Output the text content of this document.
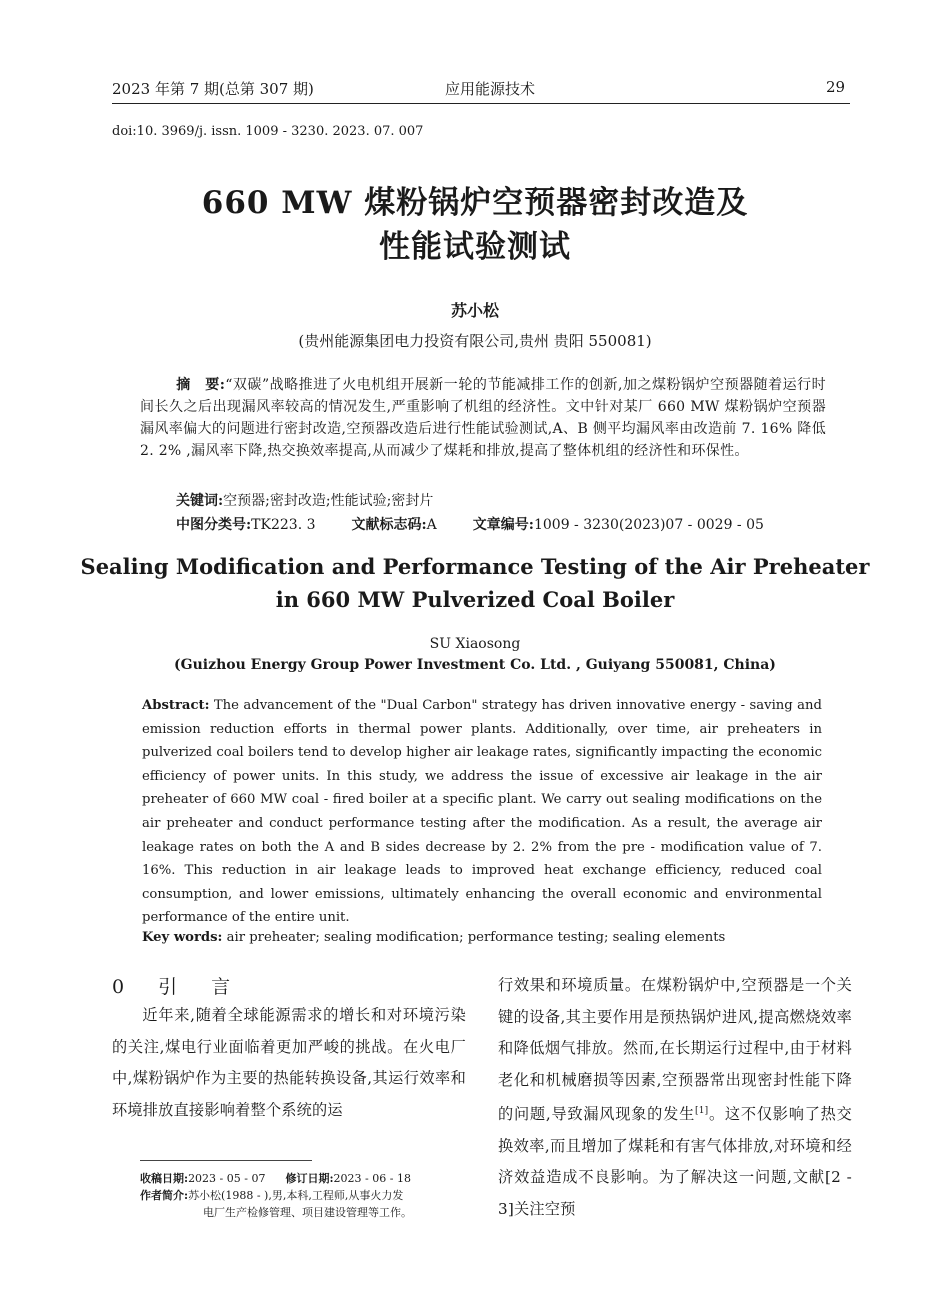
2023 年第 7 期(总第 307 期)	应用能源技术	29
doi:10. 3969/j. issn. 1009 - 3230. 2023. 07. 007
660 MW 煤粉锅炉空预器密封改造及
性能试验测试
苏小松
(贵州能源集团电力投资有限公司,贵州 贵阳 550081)
摘　要:“双碳”战略推进了火电机组开展新一轮的节能减排工作的创新,加之煤粉锅炉空预器随着运行时间长久之后出现漏风率较高的情况发生,严重影响了机组的经济性。文中针对某厂 660 MW 煤粉锅炉空预器漏风率偏大的问题进行密封改造,空预器改造后进行性能试验测试,A、B 侧平均漏风率由改造前 7. 16% 降低 2. 2% ,漏风率下降,热交换效率提高,从而减少了煤耗和排放,提高了整体机组的经济性和环保性。
关键词:空预器;密封改造;性能试验;密封片
中图分类号:TK223. 3	文献标志码:A	文章编号:1009 - 3230(2023)07 - 0029 - 05
Sealing Modification and Performance Testing of the Air Preheater
in 660 MW Pulverized Coal Boiler
SU Xiaosong
(Guizhou Energy Group Power Investment Co. Ltd. , Guiyang 550081, China)
Abstract: The advancement of the "Dual Carbon" strategy has driven innovative energy - saving and emission reduction efforts in thermal power plants. Additionally, over time, air preheaters in pulverized coal boilers tend to develop higher air leakage rates, significantly impacting the economic efficiency of power units. In this study, we address the issue of excessive air leakage in the air preheater of 660 MW coal - fired boiler at a specific plant. We carry out sealing modifications on the air preheater and conduct performance testing after the modification. As a result, the average air leakage rates on both the A and B sides decrease by 2. 2% from the pre - modification value of 7. 16%. This reduction in air leakage leads to improved heat exchange efficiency, reduced coal consumption, and lower emissions, ultimately enhancing the overall economic and environmental performance of the entire unit.
Key words: air preheater; sealing modification; performance testing; sealing elements
0 引 言
近年来,随着全球能源需求的增长和对环境污染的关注,煤电行业面临着更加严峻的挑战。在火电厂中,煤粉锅炉作为主要的热能转换设备,其运行效率和环境排放直接影响着整个系统的运
行效果和环境质量。在煤粉锅炉中,空预器是一个关键的设备,其主要作用是预热锅炉进风,提高燃烧效率和降低烟气排放。然而,在长期运行过程中,由于材料老化和机械磨损等因素,空预器常出现密封性能下降的问题,导致漏风现象的发生[1]。这不仅影响了热交换效率,而且增加了煤耗和有害气体排放,对环境和经济效益造成不良影响。为了解决这一问题,文献[2 - 3]关注空预
收稿日期:2023 - 05 - 07 修订日期:2023 - 06 - 18
作者简介:苏小松(1988 - ),男,本科,工程师,从事火力发
电厂生产检修管理、项目建设管理等工作。
